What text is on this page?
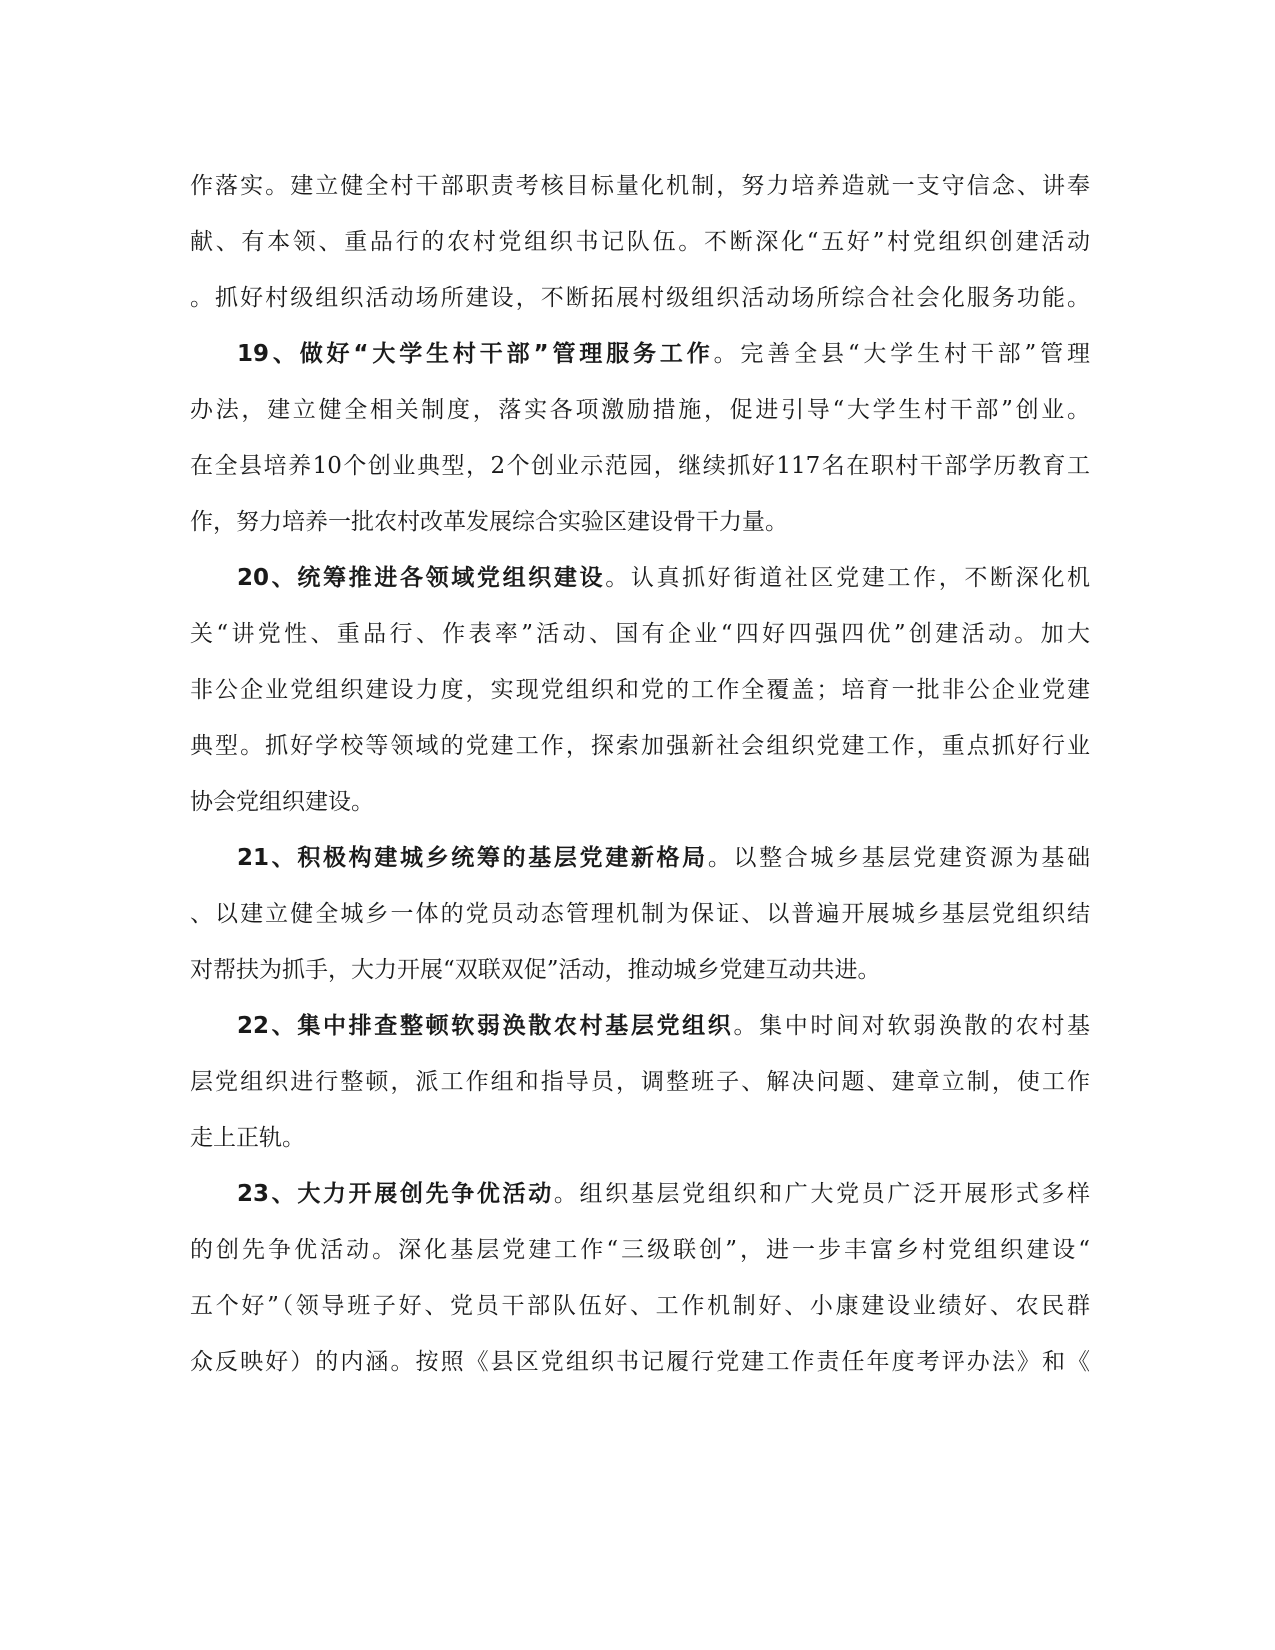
作落实。建立健全村干部职责考核目标量化机制，努力培养造就一支守信念、讲奉
献、有本领、重品行的农村党组织书记队伍。不断深化“五好”村党组织创建活动
。抓好村级组织活动场所建设，不断拓展村级组织活动场所综合社会化服务功能。
19、做好“大学生村干部”管理服务工作。完善全县“大学生村干部”管理
办法，建立健全相关制度，落实各项激励措施，促进引导“大学生村干部”创业。
在全县培养10个创业典型，2个创业示范园，继续抓好117名在职村干部学历教育工
作，努力培养一批农村改革发展综合实验区建设骨干力量。
20、统筹推进各领域党组织建设。认真抓好街道社区党建工作，不断深化机
关“讲党性、重品行、作表率”活动、国有企业“四好四强四优”创建活动。加大
非公企业党组织建设力度，实现党组织和党的工作全覆盖；培育一批非公企业党建
典型。抓好学校等领域的党建工作，探索加强新社会组织党建工作，重点抓好行业
协会党组织建设。
21、积极构建城乡统筹的基层党建新格局。以整合城乡基层党建资源为基础
、以建立健全城乡一体的党员动态管理机制为保证、以普遍开展城乡基层党组织结
对帮扶为抓手，大力开展“双联双促”活动，推动城乡党建互动共进。
22、集中排查整顿软弱涣散农村基层党组织。集中时间对软弱涣散的农村基
层党组织进行整顿，派工作组和指导员，调整班子、解决问题、建章立制，使工作
走上正轨。
23、大力开展创先争优活动。组织基层党组织和广大党员广泛开展形式多样
的创先争优活动。深化基层党建工作“三级联创”，进一步丰富乡村党组织建设“
五个好”（领导班子好、党员干部队伍好、工作机制好、小康建设业绩好、农民群
众反映好）的内涵。按照《县区党组织书记履行党建工作责任年度考评办法》和《
